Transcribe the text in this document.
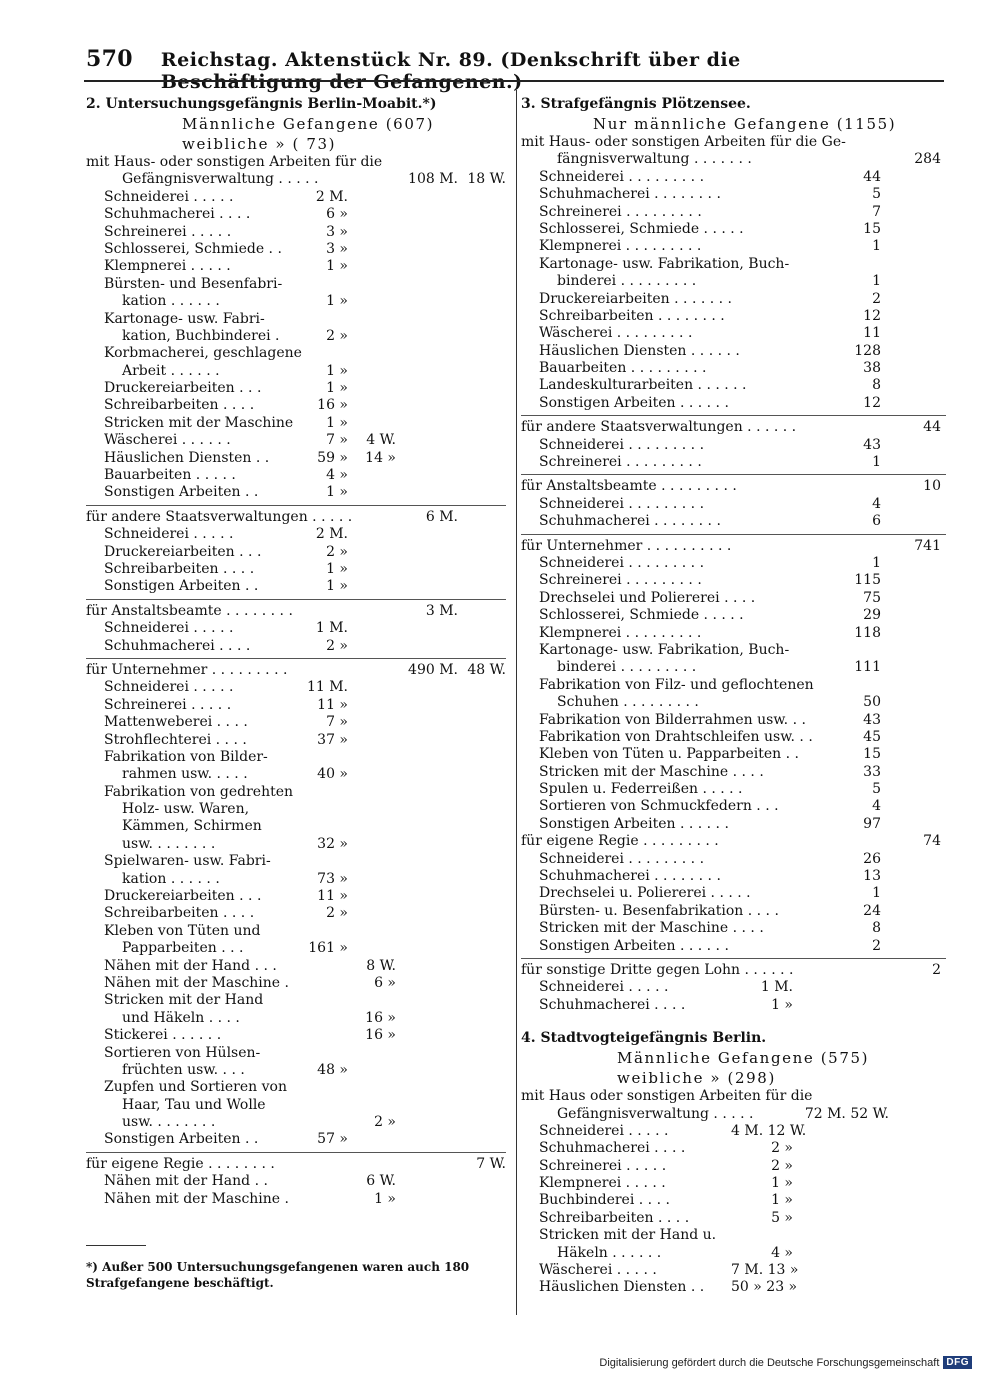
570 Reichstag. Aktenstück Nr. 89. (Denkschrift über die Beschäftigung der Gefangenen.)
2. Untersuchungsgefängnis Berlin-Moabit.*)
Männliche Gefangene (607)
weibliche » ( 73)
mit Haus- oder sonstigen Arbeiten für die
Gefängnisverwaltung . . . . .	108 M. 18 W.
Schneiderei . . . . .	2 M.
Schuhmacherei . . . .	6 »
Schreinerei . . . . .	3 »
Schlosserei, Schmiede . .	3 »
Klempnerei . . . . .	1 »
Bürsten- und Besenfabri-
kation . . . . . .	1 »
Kartonage- usw. Fabri-
kation, Buchbinderei .	2 »
Korbmacherei, geschlagene
Arbeit . . . . . .	1 »
Druckereiarbeiten . . .	1 »
Schreibarbeiten . . . .	16 »
Stricken mit der Maschine	1 »
Wäscherei . . . . . .	7 »	4 W.
Häuslichen Diensten . .	59 »	14 »
Bauarbeiten . . . . .	4 »
Sonstigen Arbeiten . .	1 »
für andere Staatsverwaltungen . . . . .	6 M.
Schneiderei . . . . .	2 M.
Druckereiarbeiten . . .	2 »
Schreibarbeiten . . . .	1 »
Sonstigen Arbeiten . .	1 »
für Anstaltsbeamte . . . . . . . .	3 M.
Schneiderei . . . . .	1 M.
Schuhmacherei . . . .	2 »
für Unternehmer . . . . . . . . .	490 M. 48 W.
Schneiderei . . . . .	11 M.
Schreinerei . . . . .	11 »
Mattenweberei . . . .	7 »
Strohflechterei . . . .	37 »
Fabrikation von Bilder-
rahmen usw. . . . .	40 »
Fabrikation von gedrehten
Holz- usw. Waren,
Kämmen, Schirmen
usw. . . . . . . .	32 »
Spielwaren- usw. Fabri-
kation . . . . . .	73 »
Druckereiarbeiten . . .	11 »
Schreibarbeiten . . . .	2 »
Kleben von Tüten und
Papparbeiten . . .	161 »
Nähen mit der Hand . . .	8 W.
Nähen mit der Maschine .	6 »
Stricken mit der Hand
und Häkeln . . . .	16 »
Stickerei . . . . . .	16 »
Sortieren von Hülsen-
früchten usw. . . .	48 »
Zupfen und Sortieren von
Haar, Tau und Wolle
usw. . . . . . . .	2 »
Sonstigen Arbeiten . .	57 »
für eigene Regie . . . . . . . .	7 W.
Nähen mit der Hand . .	6 W.
Nähen mit der Maschine .	1 »
3. Strafgefängnis Plötzensee.
Nur männliche Gefangene (1155)
mit Haus- oder sonstigen Arbeiten für die Ge-
fängnisverwaltung . . . . . . .	284
Schneiderei . . . . . . . . .	44
Schuhmacherei . . . . . . . .	5
Schreinerei . . . . . . . . .	7
Schlosserei, Schmiede . . . . .	15
Klempnerei . . . . . . . . .	1
Kartonage- usw. Fabrikation, Buch-
binderei . . . . . . . . .	1
Druckereiarbeiten . . . . . . .	2
Schreibarbeiten . . . . . . . .	12
Wäscherei . . . . . . . . .	11
Häuslichen Diensten . . . . . .	128
Bauarbeiten . . . . . . . . .	38
Landeskulturarbeiten . . . . . .	8
Sonstigen Arbeiten . . . . . .	12
für andere Staatsverwaltungen . . . . . .	44
Schneiderei . . . . . . . . .	43
Schreinerei . . . . . . . . .	1
für Anstaltsbeamte . . . . . . . . .	10
Schneiderei . . . . . . . . .	4
Schuhmacherei . . . . . . . .	6
für Unternehmer . . . . . . . . . .	741
Schneiderei . . . . . . . . .	1
Schreinerei . . . . . . . . .	115
Drechselei und Poliererei . . . .	75
Schlosserei, Schmiede . . . . .	29
Klempnerei . . . . . . . . .	118
Kartonage- usw. Fabrikation, Buch-
binderei . . . . . . . . .	111
Fabrikation von Filz- und geflochtenen
Schuhen . . . . . . . . .	50
Fabrikation von Bilderrahmen usw. . .	43
Fabrikation von Drahtschleifen usw. . .	45
Kleben von Tüten u. Papparbeiten . .	15
Stricken mit der Maschine . . . .	33
Spulen u. Federreißen . . . . .	5
Sortieren von Schmuckfedern . . .	4
Sonstigen Arbeiten . . . . . .	97
für eigene Regie . . . . . . . . .	74
Schneiderei . . . . . . . . .	26
Schuhmacherei . . . . . . . .	13
Drechselei u. Poliererei . . . . .	1
Bürsten- u. Besenfabrikation . . . .	24
Stricken mit der Maschine . . . .	8
Sonstigen Arbeiten . . . . . .	2
für sonstige Dritte gegen Lohn . . . . . .	2
Schneiderei . . . . .	1 M.
Schuhmacherei . . . .	1 »
4. Stadtvogteigefängnis Berlin.
Männliche Gefangene (575)
weibliche » (298)
mit Haus oder sonstigen Arbeiten für die
Gefängnisverwaltung . . . . .	72 M. 52 W.
Schneiderei . . . . .	4 M. 12 W.
Schuhmacherei . . . .	2 »
Schreinerei . . . . .	2 »
Klempnerei . . . . .	1 »
Buchbinderei . . . .	1 »
Schreibarbeiten . . . .	5 »
Stricken mit der Hand u.
Häkeln . . . . . .	4 »
Wäscherei . . . . .	7 M. 13 »
Häuslichen Diensten . . 50 » 23 »
*) Außer 500 Untersuchungsgefangenen waren auch 180 Strafgefangene beschäftigt.
Digitalisierung gefördert durch die Deutsche Forschungsgemeinschaft DFG
